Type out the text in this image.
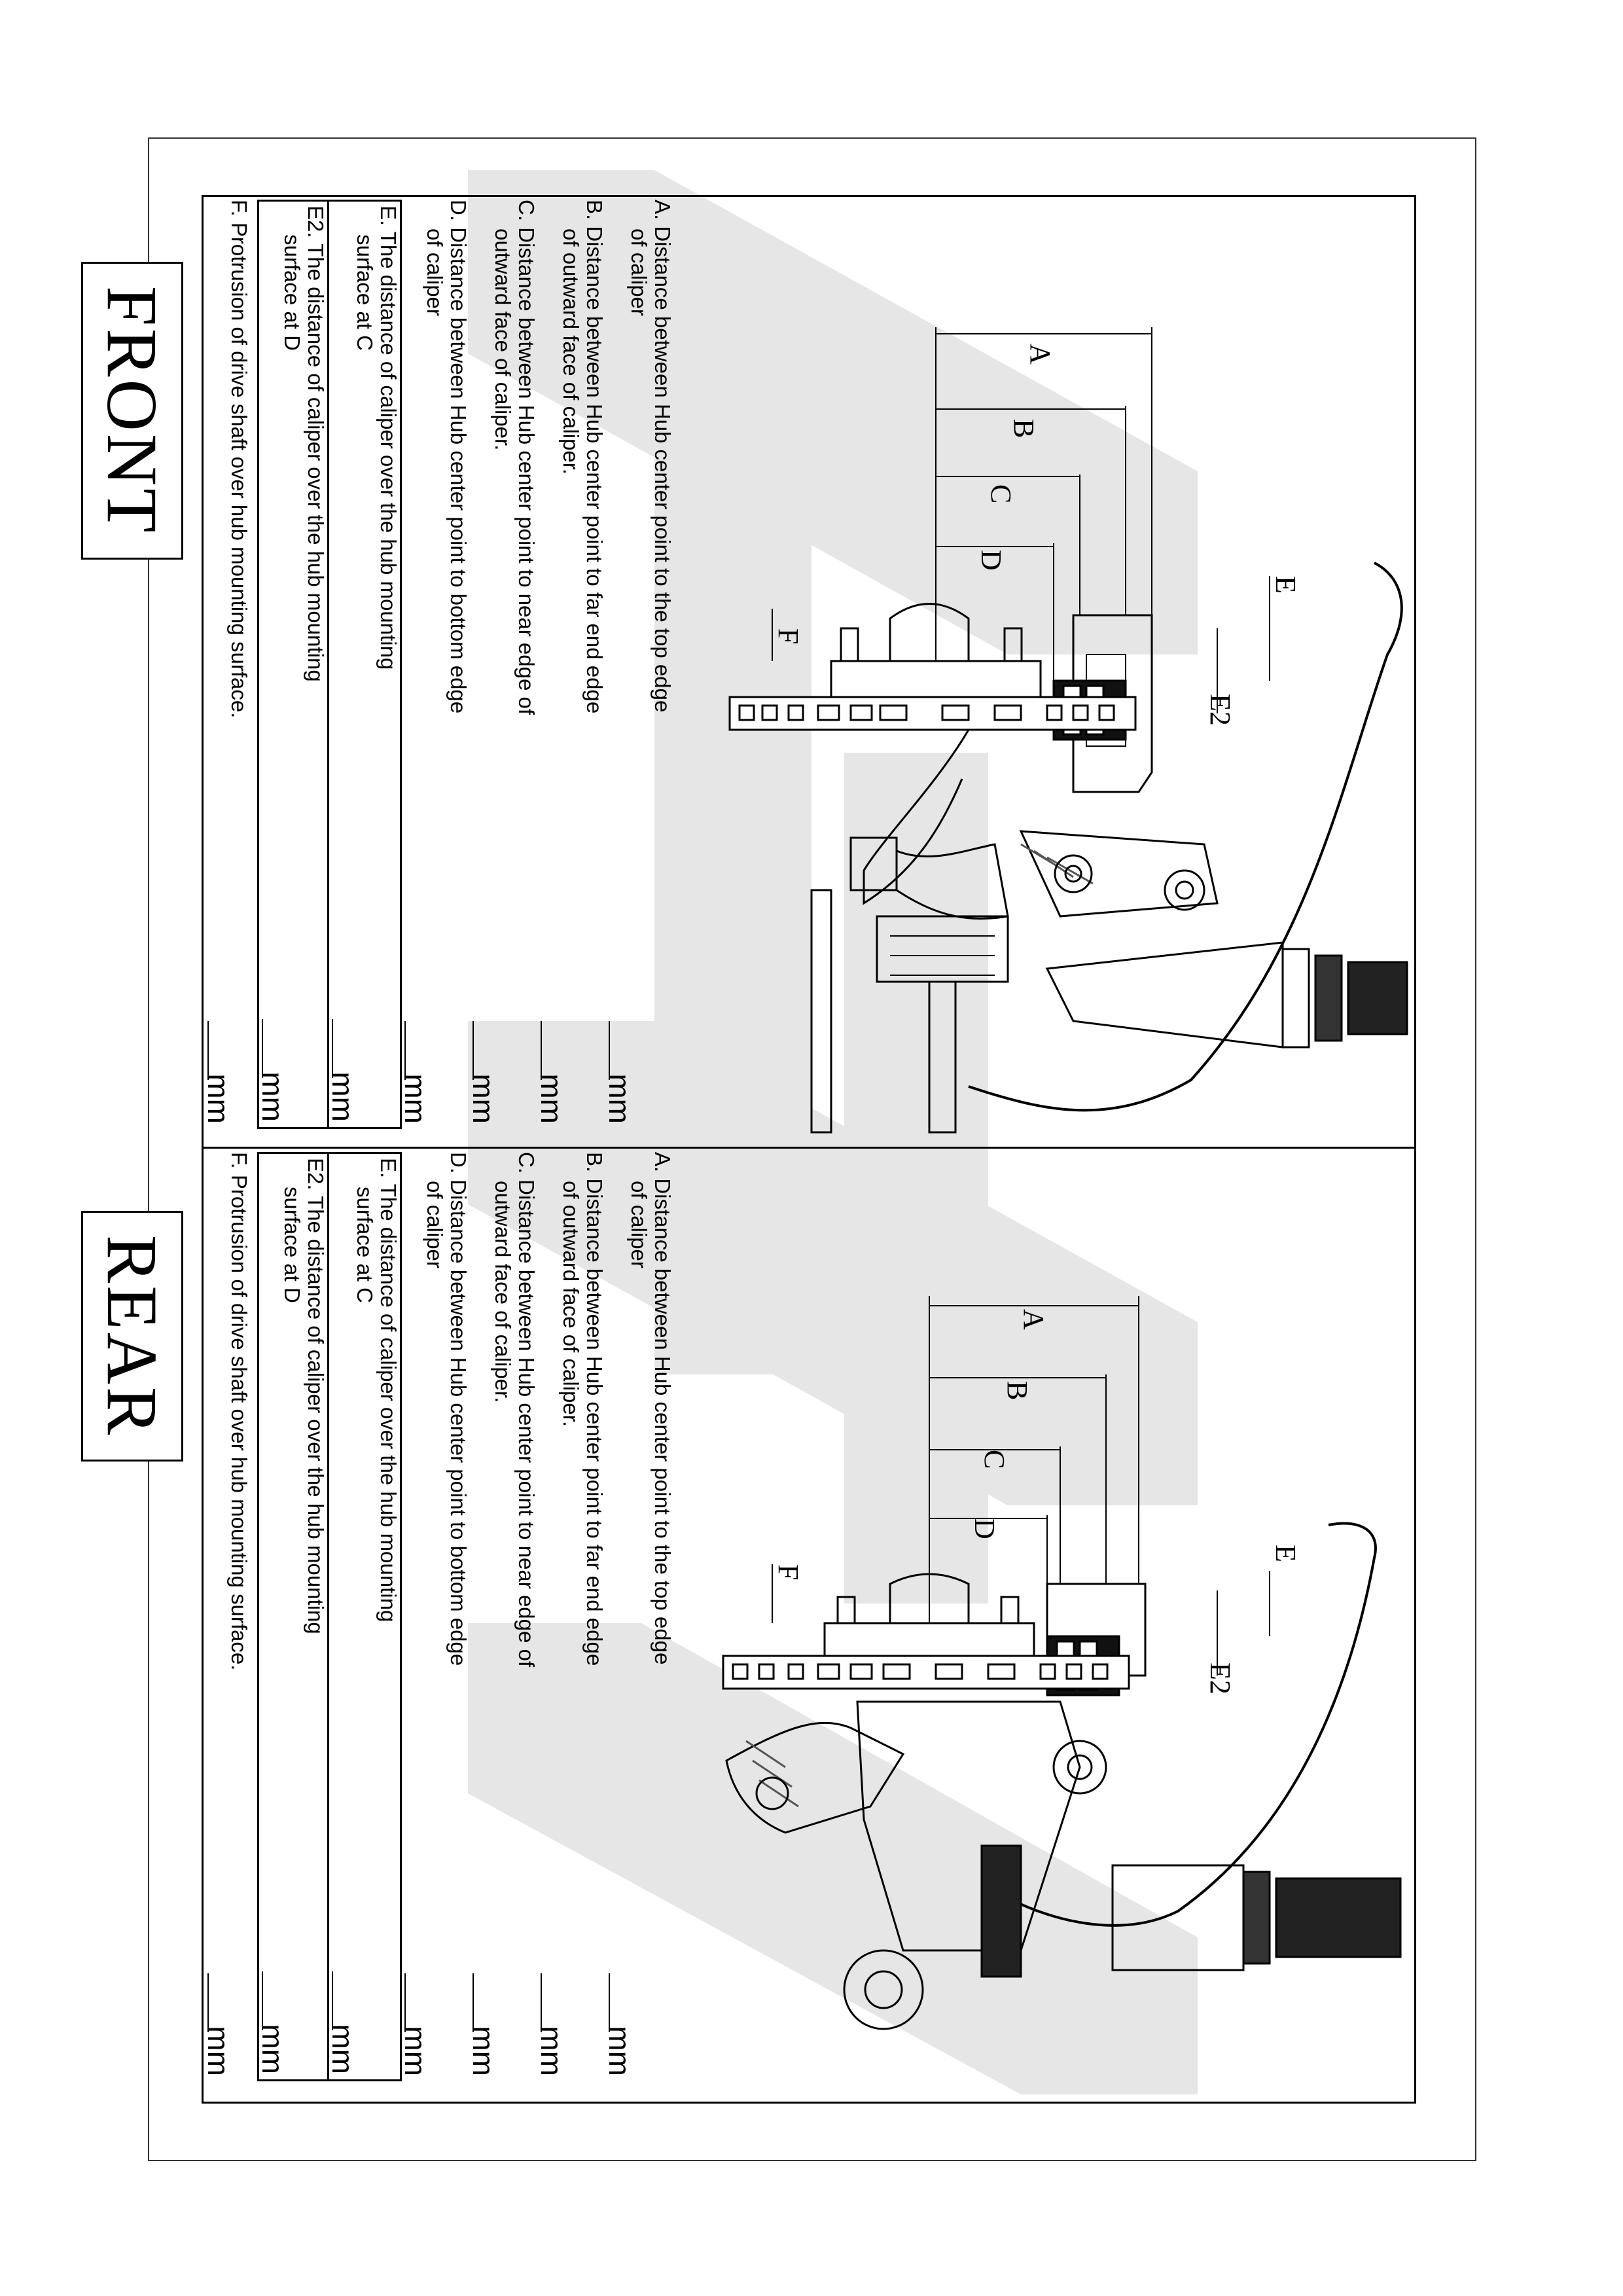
A
B
C
D
E
E2
F
A
B
C
D
E
E2
F
FRONT	A. Distance between Hub center point to the top edge
of caliper
mm
B. Distance between Hub center point to far end edge
of outward face of caliper.
mm
C. Distance between Hub center point to near edge of
outward face of caliper.
mm
D. Distance between Hub center point to bottom edge
of caliper
mm
E. The distance of caliper over the hub mounting
surface at C
mm
E2. The distance of caliper over the hub mounting
surface at D
mm
F. Protrusion of drive shaft over hub mounting surface.
mm
REAR	A. Distance between Hub center point to the top edge
of caliper
mm
B. Distance between Hub center point to far end edge
of outward face of caliper.
mm
C. Distance between Hub center point to near edge of
outward face of caliper.
mm
D. Distance between Hub center point to bottom edge
of caliper
mm
E. The distance of caliper over the hub mounting
surface at C
mm
E2. The distance of caliper over the hub mounting
surface at D
mm
F. Protrusion of drive shaft over hub mounting surface.
mm
